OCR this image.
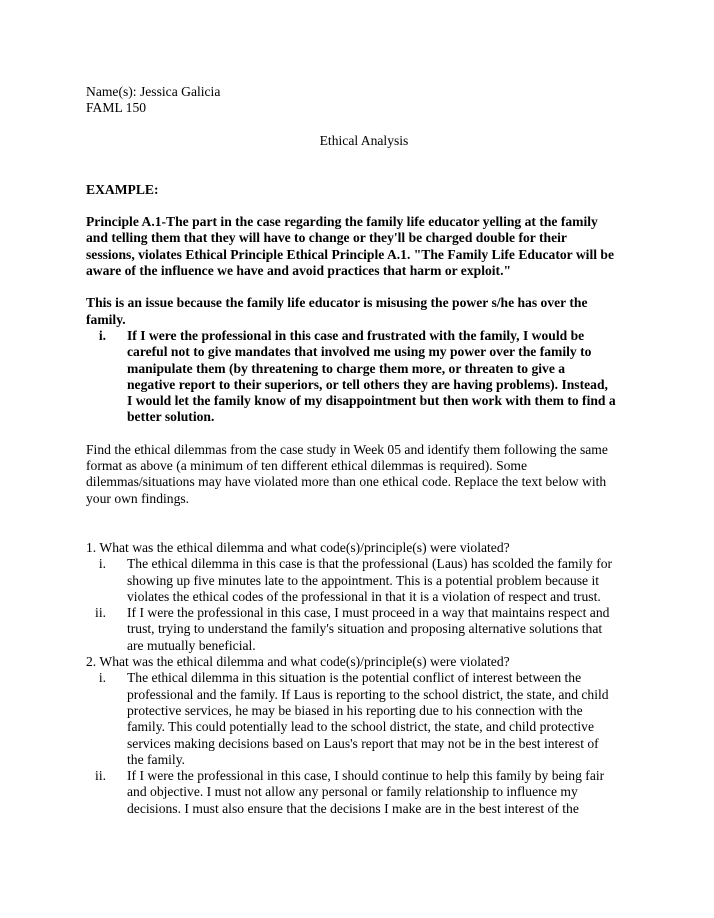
Name(s): Jessica Galicia
FAML 150
Ethical Analysis
EXAMPLE:
Principle A.1-The part in the case regarding the family life educator yelling at the family
and telling them that they will have to change or they'll be charged double for their
sessions, violates Ethical Principle Ethical Principle A.1. "The Family Life Educator will be
aware of the influence we have and avoid practices that harm or exploit."
This is an issue because the family life educator is misusing the power s/he has over the
family.
i. If I were the professional in this case and frustrated with the family, I would be
careful not to give mandates that involved me using my power over the family to
manipulate them (by threatening to charge them more, or threaten to give a
negative report to their superiors, or tell others they are having problems). Instead,
I would let the family know of my disappointment but then work with them to find a
better solution.
Find the ethical dilemmas from the case study in Week 05 and identify them following the same
format as above (a minimum of ten different ethical dilemmas is required). Some
dilemmas/situations may have violated more than one ethical code. Replace the text below with
your own findings.
1. What was the ethical dilemma and what code(s)/principle(s) were violated?
i. The ethical dilemma in this case is that the professional (Laus) has scolded the family for
showing up five minutes late to the appointment. This is a potential problem because it
violates the ethical codes of the professional in that it is a violation of respect and trust.
ii. If I were the professional in this case, I must proceed in a way that maintains respect and
trust, trying to understand the family's situation and proposing alternative solutions that
are mutually beneficial.
2. What was the ethical dilemma and what code(s)/principle(s) were violated?
i. The ethical dilemma in this situation is the potential conflict of interest between the
professional and the family. If Laus is reporting to the school district, the state, and child
protective services, he may be biased in his reporting due to his connection with the
family. This could potentially lead to the school district, the state, and child protective
services making decisions based on Laus's report that may not be in the best interest of
the family.
ii. If I were the professional in this case, I should continue to help this family by being fair
and objective. I must not allow any personal or family relationship to influence my
decisions. I must also ensure that the decisions I make are in the best interest of the
